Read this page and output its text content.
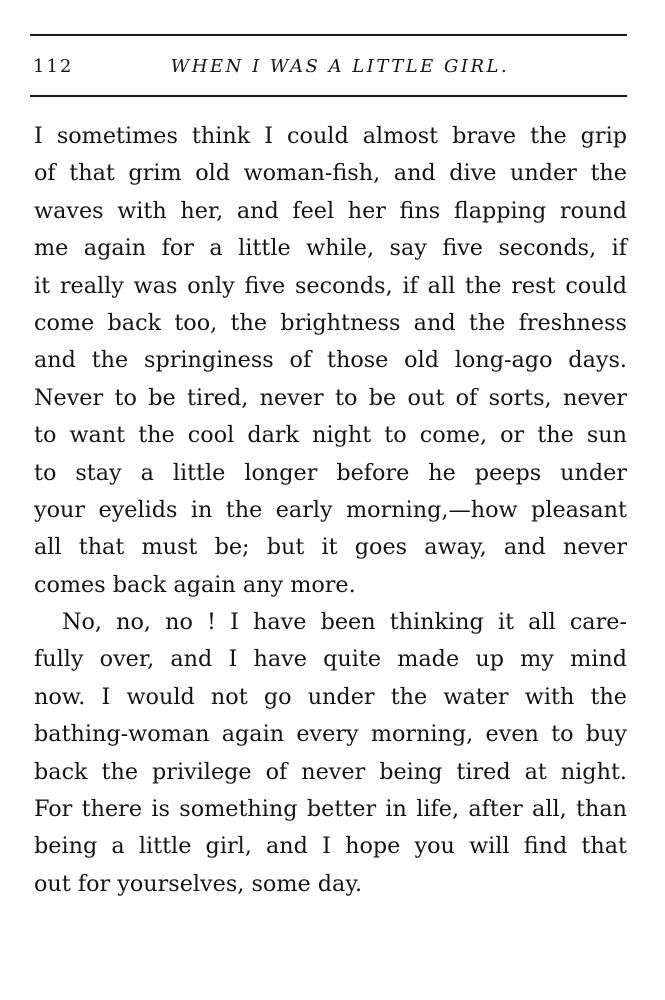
112	WHEN I WAS A LITTLE GIRL.
I sometimes think I could almost brave the grip
of that grim old woman-fish, and dive under the
waves with her, and feel her fins flapping round
me again for a little while, say five seconds, if
it really was only five seconds, if all the rest could
come back too, the brightness and the freshness
and the springiness of those old long-ago days.
Never to be tired, never to be out of sorts, never
to want the cool dark night to come, or the sun
to stay a little longer before he peeps under
your eyelids in the early morning,—how pleasant
all that must be; but it goes away, and never
comes back again any more.
No, no, no ! I have been thinking it all care-
fully over, and I have quite made up my mind
now. I would not go under the water with the
bathing-woman again every morning, even to buy
back the privilege of never being tired at night.
For there is something better in life, after all, than
being a little girl, and I hope you will find that
out for yourselves, some day.
